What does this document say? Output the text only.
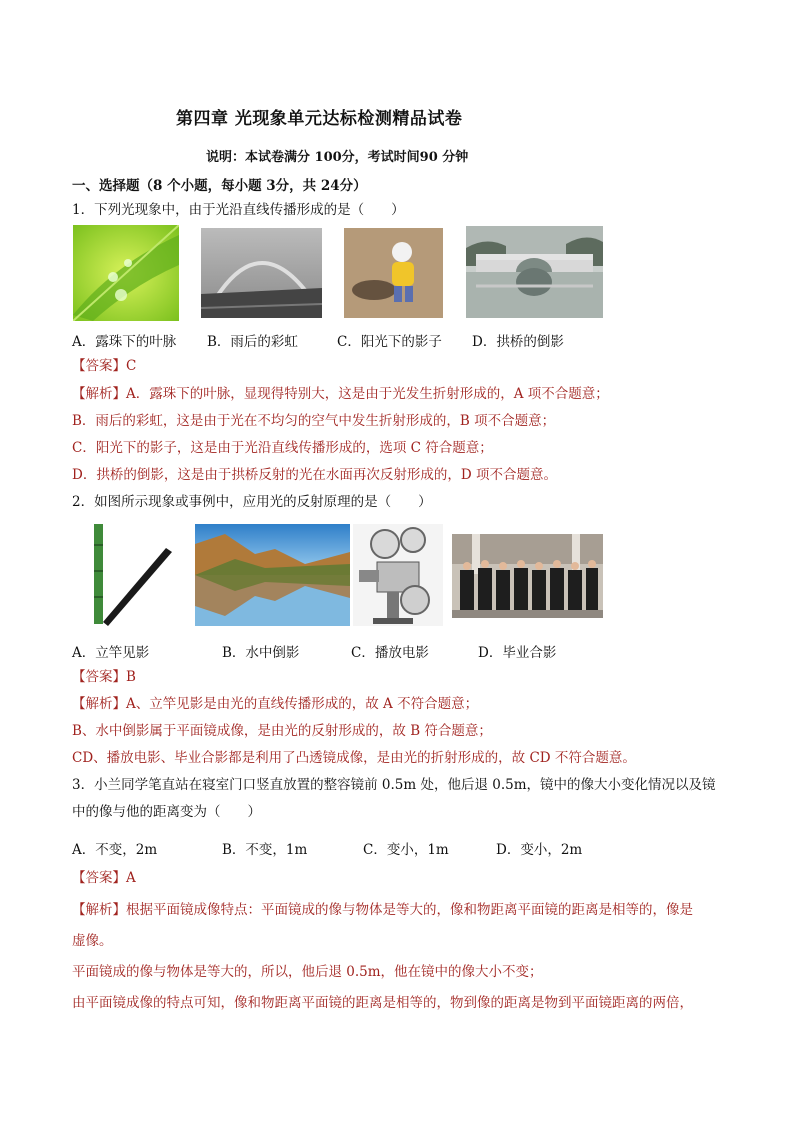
第四章 光现象单元达标检测精品试卷
说明：本试卷满分 100分，考试时间90 分钟
一、选择题（8 个小题，每小题 3分，共 24分）
1．下列光现象中，由于光沿直线传播形成的是（　　）
A．露珠下的叶脉 B．雨后的彩虹	C．阳光下的影子 D．拱桥的倒影
【答案】C
【解析】A．露珠下的叶脉，显现得特别大，这是由于光发生折射形成的，A 项不合题意；
B．雨后的彩虹，这是由于光在不均匀的空气中发生折射形成的，B 项不合题意；
C．阳光下的影子，这是由于光沿直线传播形成的，选项 C 符合题意；
D．拱桥的倒影，这是由于拱桥反射的光在水面再次反射形成的，D 项不合题意。
2．如图所示现象或事例中，应用光的反射原理的是（　　）
A．立竿见影	B．水中倒影	C．播放电影	D．毕业合影
【答案】B
【解析】A、立竿见影是由光的直线传播形成的，故 A 不符合题意；
B、水中倒影属于平面镜成像，是由光的反射形成的，故 B 符合题意；
CD、播放电影、毕业合影都是利用了凸透镜成像，是由光的折射形成的，故 CD 不符合题意。
3．小兰同学笔直站在寝室门口竖直放置的整容镜前 0.5m 处，他后退 0.5m，镜中的像大小变化情况以及镜
中的像与他的距离变为（　　）
A．不变，2m	B．不变，1m	C．变小，1m	D．变小，2m
【答案】A
【解析】根据平面镜成像特点：平面镜成的像与物体是等大的，像和物距离平面镜的距离是相等的，像是
虚像。
平面镜成的像与物体是等大的，所以，他后退 0.5m，他在镜中的像大小不变；
由平面镜成像的特点可知，像和物距离平面镜的距离是相等的，物到像的距离是物到平面镜距离的两倍，
